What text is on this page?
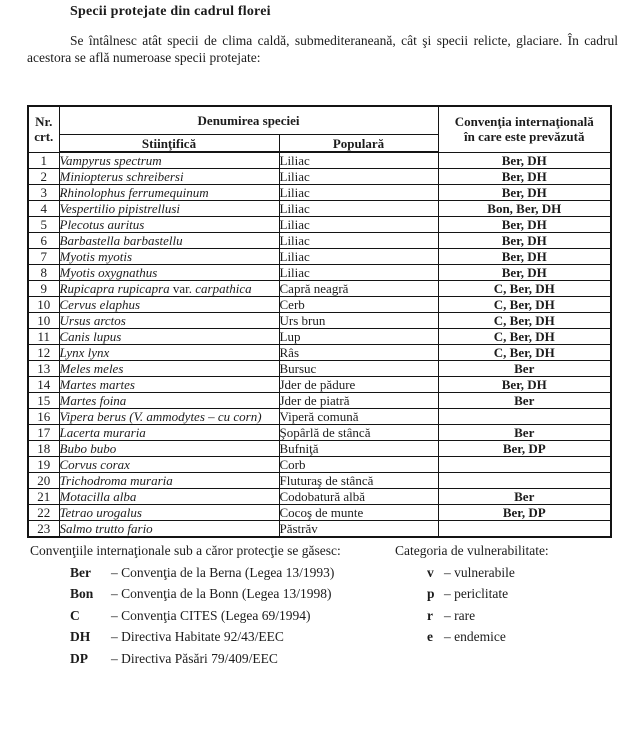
Specii protejate din cadrul florei

Se întâlnesc atât specii de clima caldă, submediteraneană, cât şi specii relicte, glaciare. În cadrul acestora se află numeroase specii protejate:

Nr.
crt.	Denumirea speciei		Convenţia internaţională
în care este prevăzută
	Stiinţifică	Populară	
1	Vampyrus spectrum	Liliac	Ber, DH
2	Miniopterus schreibersi	Liliac	Ber, DH
3	Rhinolophus ferrumequinum	Liliac	Ber, DH
4	Vespertilio pipistrellusi	Liliac	Bon, Ber, DH
5	Plecotus auritus	Liliac	Ber, DH
6	Barbastella barbastellu	Liliac	Ber, DH
7	Myotis myotis	Liliac	Ber, DH
8	Myotis oxygnathus	Liliac	Ber, DH
9	Rupicapra rupicapra var. carpathica	Capră neagră	C, Ber, DH
10	Cervus elaphus	Cerb	C, Ber, DH
10	Ursus arctos	Urs brun	C, Ber, DH
11	Canis lupus	Lup	C, Ber, DH
12	Lynx lynx	Râs	C, Ber, DH
13	Meles meles	Bursuc	Ber
14	Martes martes	Jder de pădure	Ber, DH
15	Martes foina	Jder de piatră	Ber
16	Vipera berus (V. ammodytes – cu corn)	Viperă comună	
17	Lacerta muraria	Şopârlă de stâncă	Ber
18	Bubo bubo	Bufniţă	Ber, DP
19	Corvus corax	Corb	
20	Trichodroma muraria	Fluturaş de stâncă	
21	Motacilla alba	Codobatură albă	Ber
22	Tetrao urogalus	Cocoş de munte	Ber, DP
23	Salmo trutto fario	Păstrăv	
Convenţiile internaţionale sub a căror protecţie se găsesc:
Ber	– Convenţia de la Berna (Legea 13/1993)
Bon	– Convenţia de la Bonn (Legea 13/1998)
C	– Convenţia CITES (Legea 69/1994)
DH	– Directiva Habitate 92/43/EEC
DP	– Directiva Păsări 79/409/EEC
Categoria de vulnerabilitate:
v – vulnerabile
p – periclitate
r – rare
e – endemice
